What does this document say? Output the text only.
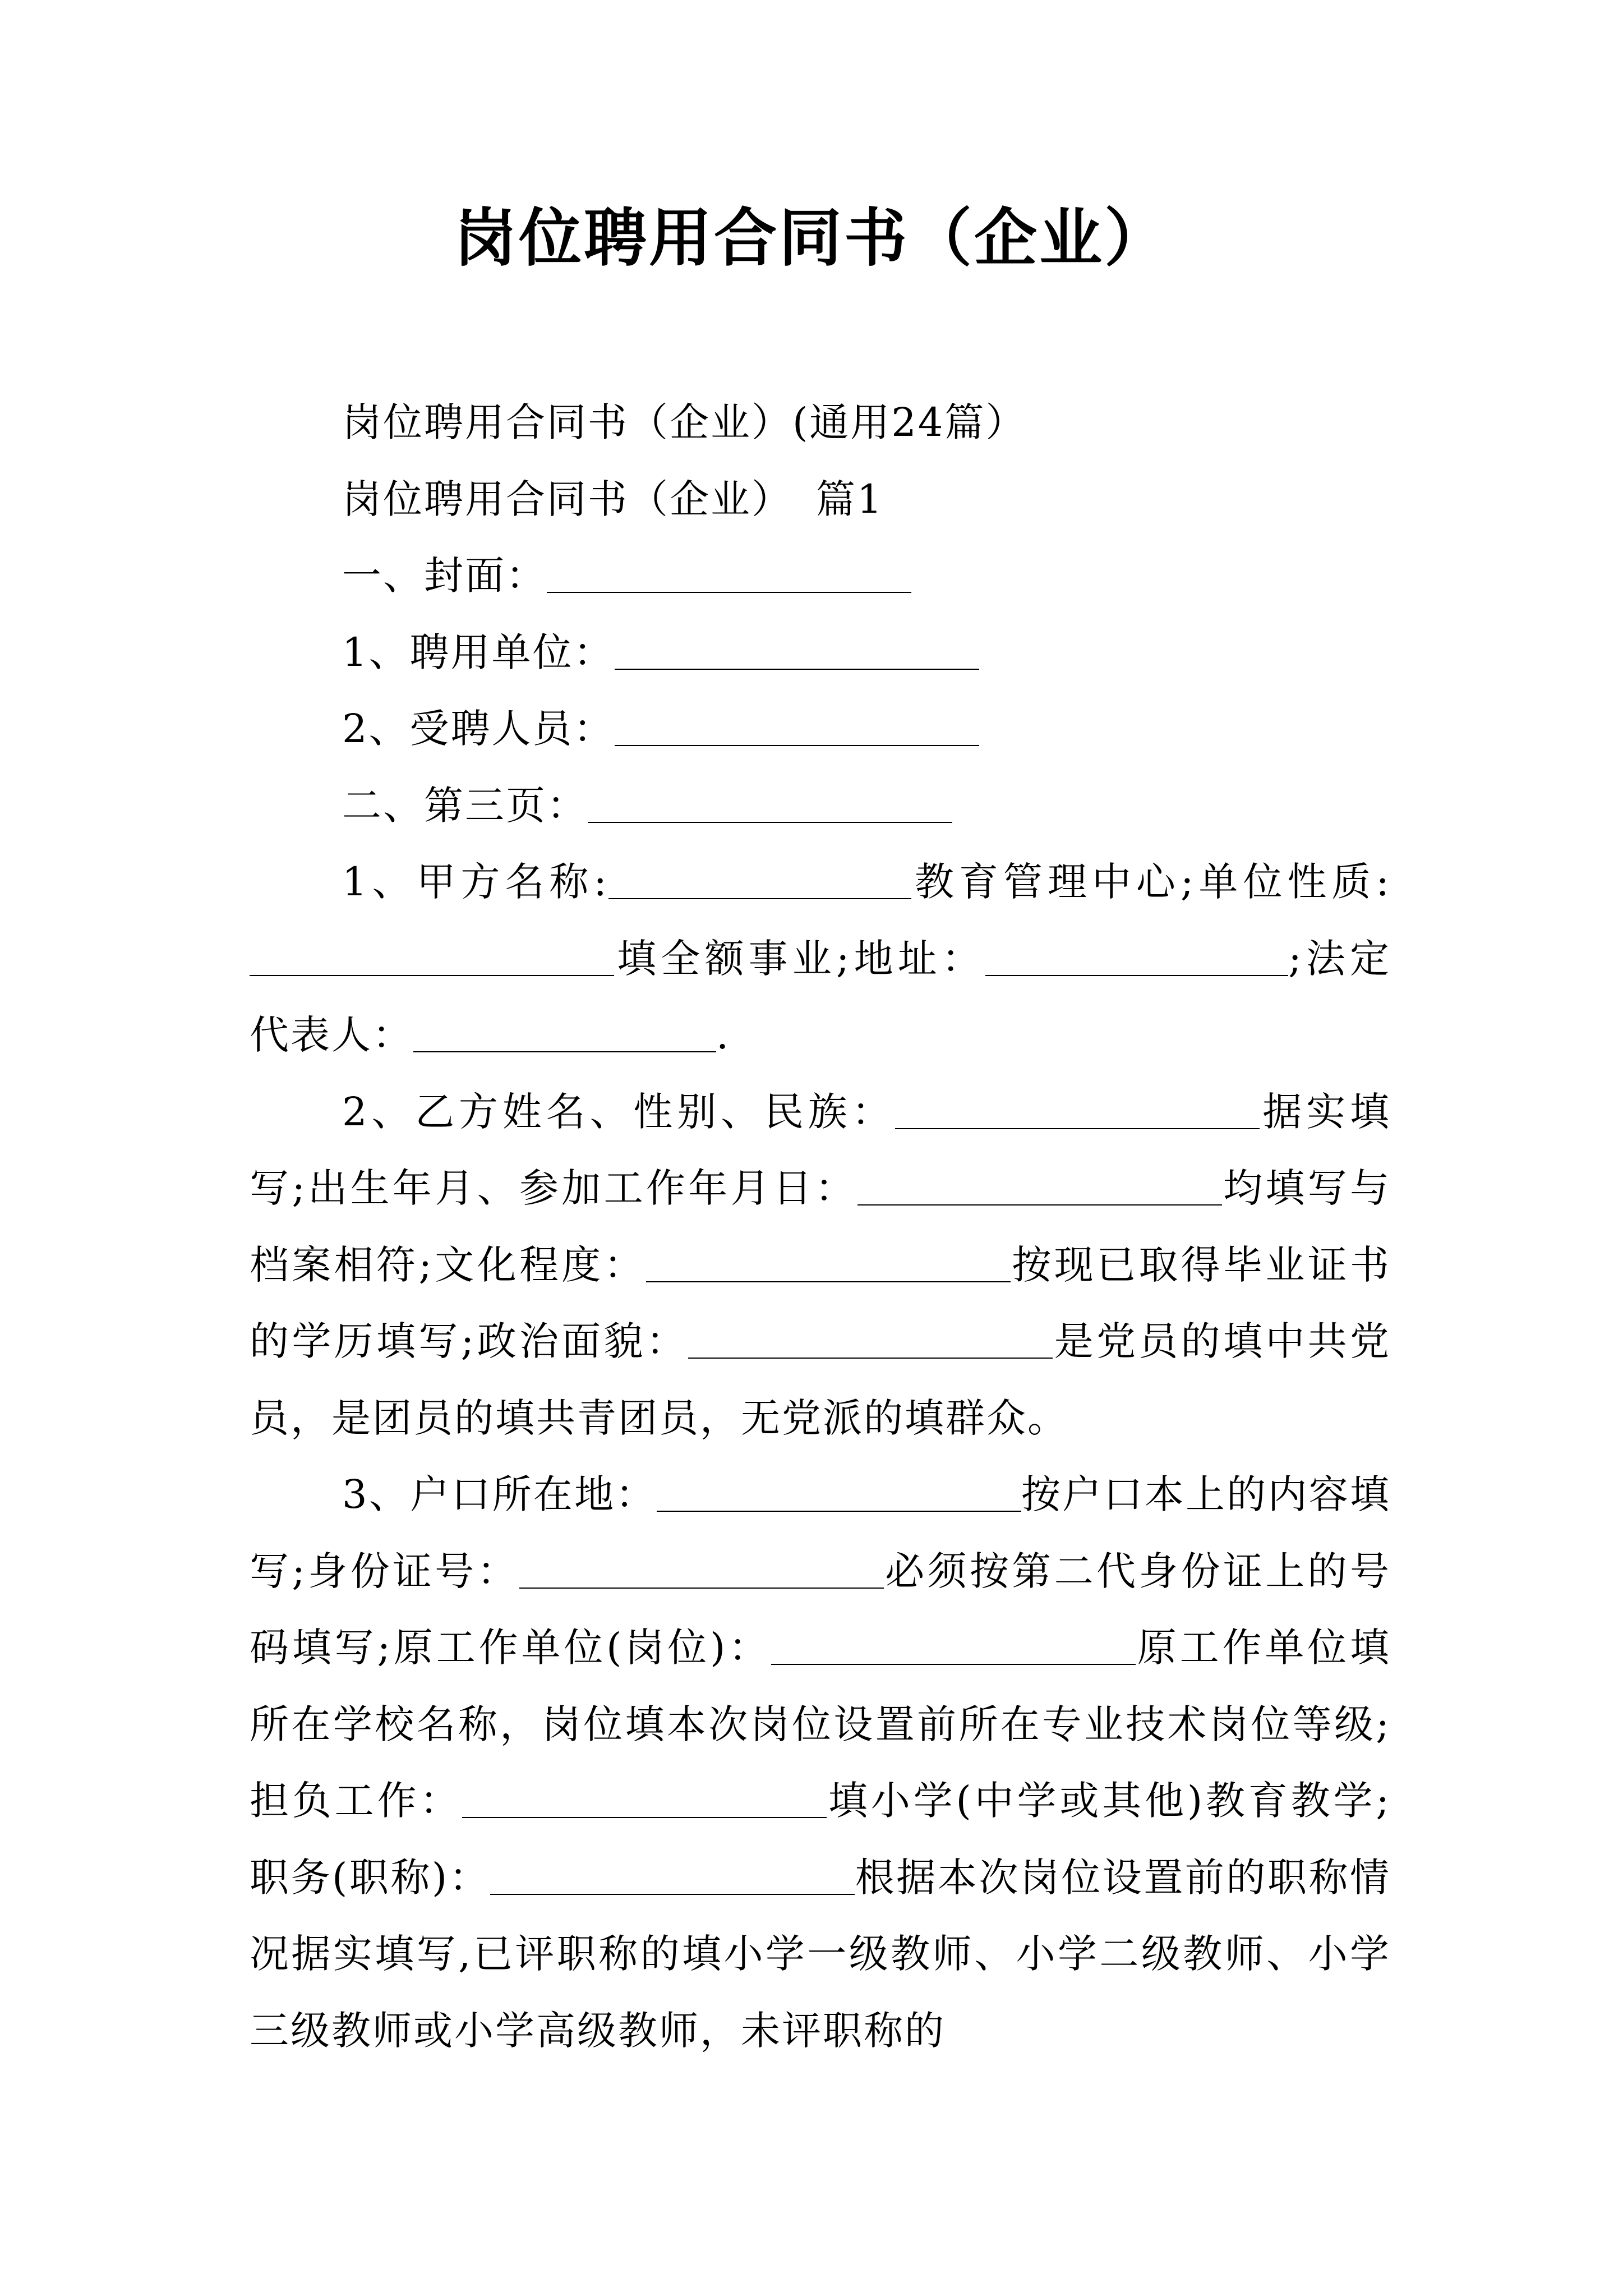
岗位聘用合同书（企业）

岗位聘用合同书（企业）(通用24篇）

岗位聘用合同书（企业） 篇1

一、封面：

1、聘用单位：

2、受聘人员：

二、第三页：

1、甲方名称:	教育管理中心;单位性质:填全额事业;地址：	;法定代表人：	.

2、乙方姓名、性别、民族：	据实填写;出生年月、参加工作年月日：	均填写与档案相符;文化程度：	按现已取得毕业证书的学历填写;政治面貌：	是党员的填中共党员，是团员的填共青团员，无党派的填群众。

3、户口所在地：	按户口本上的内容填写;身份证号：	必须按第二代身份证上的号码填写;原工作单位(岗位)：	原工作单位填所在学校名称，岗位填本次岗位设置前所在专业技术岗位等级;担负工作：	填小学(中学或其他)教育教学;职务(职称)：	根据本次岗位设置前的职称情况据实填写,已评职称的填小学一级教师、小学二级教师、小学三级教师或小学高级教师，未评职称的
